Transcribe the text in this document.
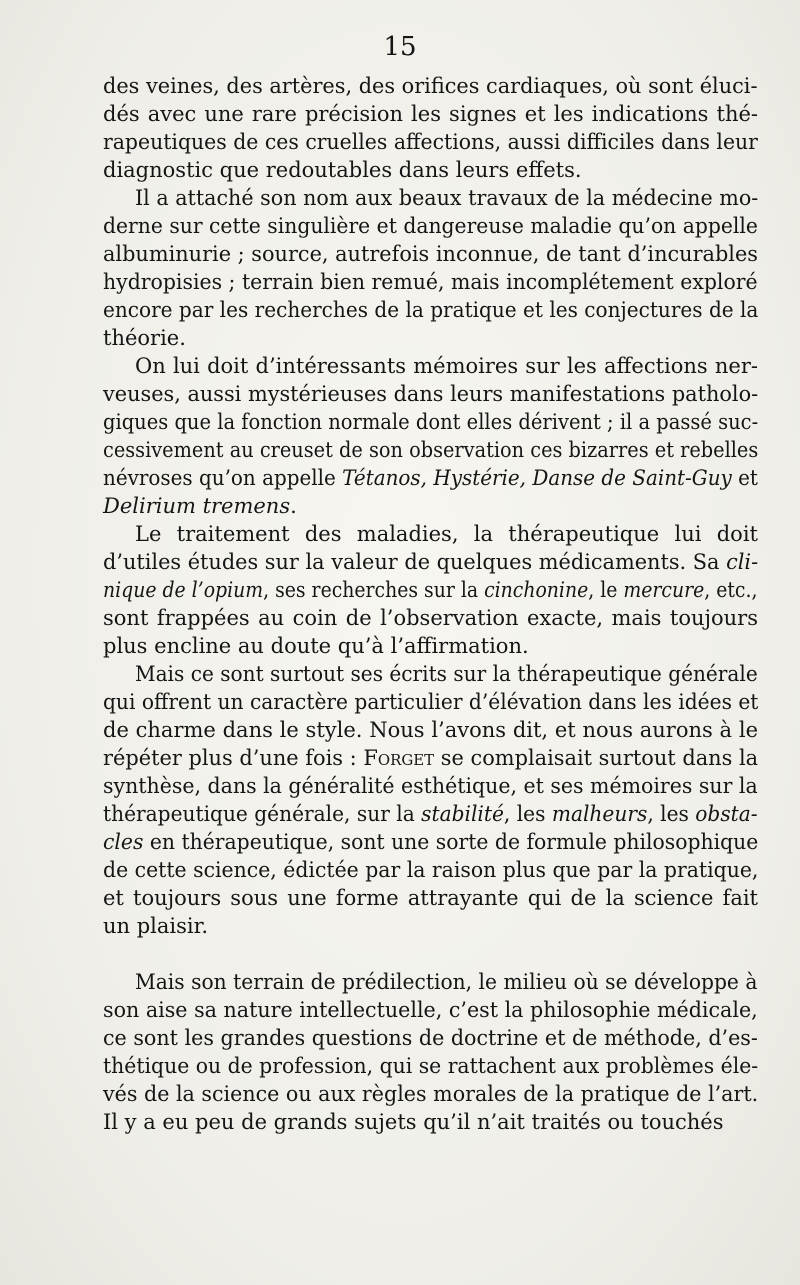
15
des veines, des artères, des orifices cardiaques, où sont éluci-
dés avec une rare précision les signes et les indications thé-
rapeutiques de ces cruelles affections, aussi difficiles dans leur
diagnostic que redoutables dans leurs effets.
Il a attaché son nom aux beaux travaux de la médecine mo-
derne sur cette singulière et dangereuse maladie qu’on appelle
albuminurie ; source, autrefois inconnue, de tant d’incurables
hydropisies ; terrain bien remué, mais incomplétement exploré
encore par les recherches de la pratique et les conjectures de la
théorie.
On lui doit d’intéressants mémoires sur les affections ner-
veuses, aussi mystérieuses dans leurs manifestations patholo-
giques que la fonction normale dont elles dérivent ; il a passé suc-
cessivement au creuset de son observation ces bizarres et rebelles
névroses qu’on appelle Tétanos, Hystérie, Danse de Saint-Guy et
Delirium tremens.
Le traitement des maladies, la thérapeutique lui doit
d’utiles études sur la valeur de quelques médicaments. Sa cli-
nique de l’opium, ses recherches sur la cinchonine, le mercure, etc.,
sont frappées au coin de l’observation exacte, mais toujours
plus encline au doute qu’à l’affirmation.
Mais ce sont surtout ses écrits sur la thérapeutique générale
qui offrent un caractère particulier d’élévation dans les idées et
de charme dans le style. Nous l’avons dit, et nous aurons à le
répéter plus d’une fois : Forget se complaisait surtout dans la
synthèse, dans la généralité esthétique, et ses mémoires sur la
thérapeutique générale, sur la stabilité, les malheurs, les obsta-
cles en thérapeutique, sont une sorte de formule philosophique
de cette science, édictée par la raison plus que par la pratique,
et toujours sous une forme attrayante qui de la science fait
un plaisir.
Mais son terrain de prédilection, le milieu où se développe à
son aise sa nature intellectuelle, c’est la philosophie médicale,
ce sont les grandes questions de doctrine et de méthode, d’es-
thétique ou de profession, qui se rattachent aux problèmes éle-
vés de la science ou aux règles morales de la pratique de l’art.
Il y a eu peu de grands sujets qu’il n’ait traités ou touchés
